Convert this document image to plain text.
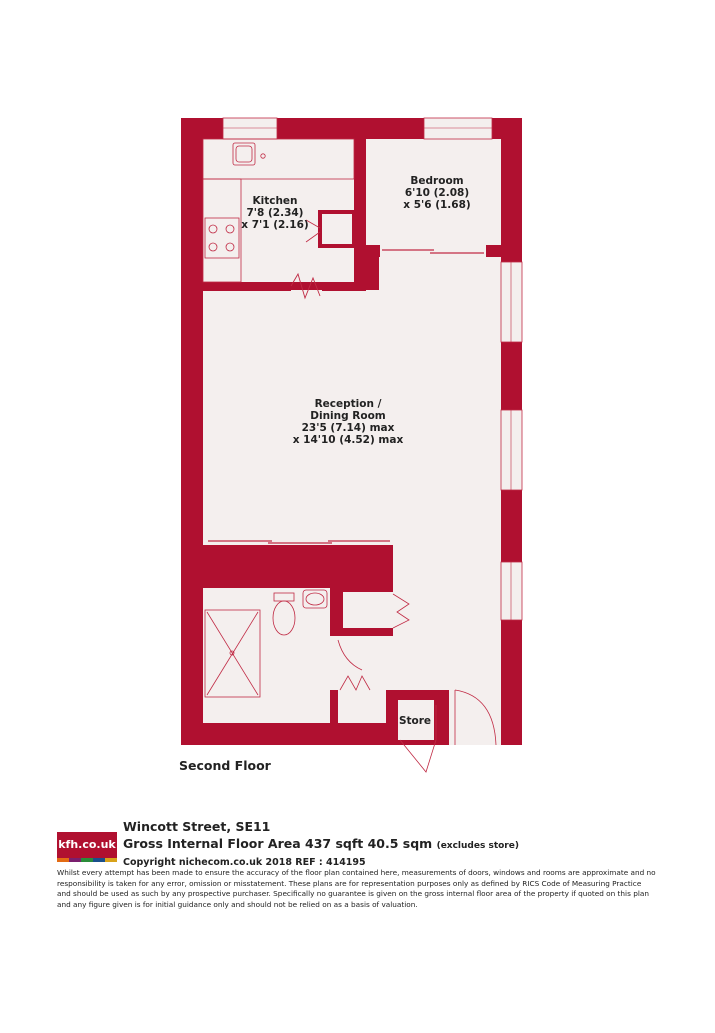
Kitchen
7'8 (2.34)
x 7'1 (2.16)
Bedroom
6'10 (2.08)
x 5'6 (1.68)
Reception /
Dining Room
23'5 (7.14) max
x 14'10 (4.52) max
Store
Second Floor
kfh.co.uk
Wincott Street, SE11
Gross Internal Floor Area 437 sqft 40.5 sqm (excludes store)
Copyright nichecom.co.uk 2018 REF : 414195
Whilst every attempt has been made to ensure the accuracy of the floor plan contained here, measurements of doors, windows and rooms are approximate and no responsibility is taken for any error, omission or misstatement. These plans are for representation purposes only as defined by RICS Code of Measuring Practice and should be used as such by any prospective purchaser. Specifically no guarantee is given on the gross internal floor area of the property if quoted on this plan and any figure given is for initial guidance only and should not be relied on as a basis of valuation.
